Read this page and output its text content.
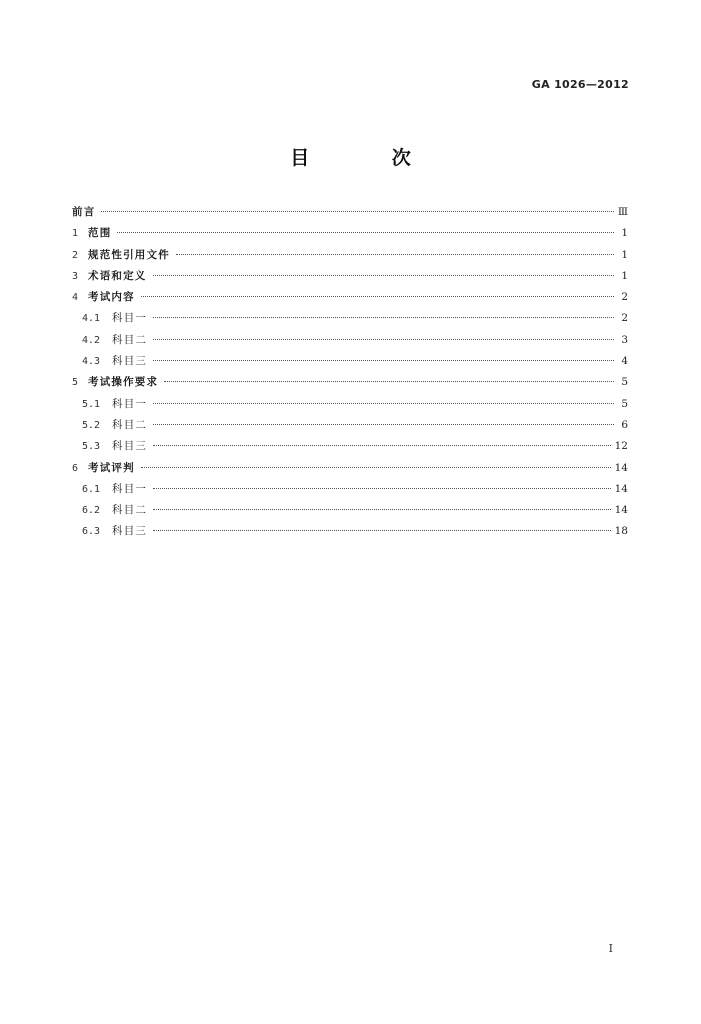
GA 1026—2012
目 次
前言	Ⅲ
1 范围	1
2 规范性引用文件	1
3 术语和定义	1
4 考试内容	2
4.1	科目一	2
4.2	科目二	3
4.3	科目三	4
5 考试操作要求	5
5.1	科目一	5
5.2	科目二	6
5.3	科目三	12
6 考试评判	14
6.1	科目一	14
6.2	科目二	14
6.3	科目三	18
Ⅰ
